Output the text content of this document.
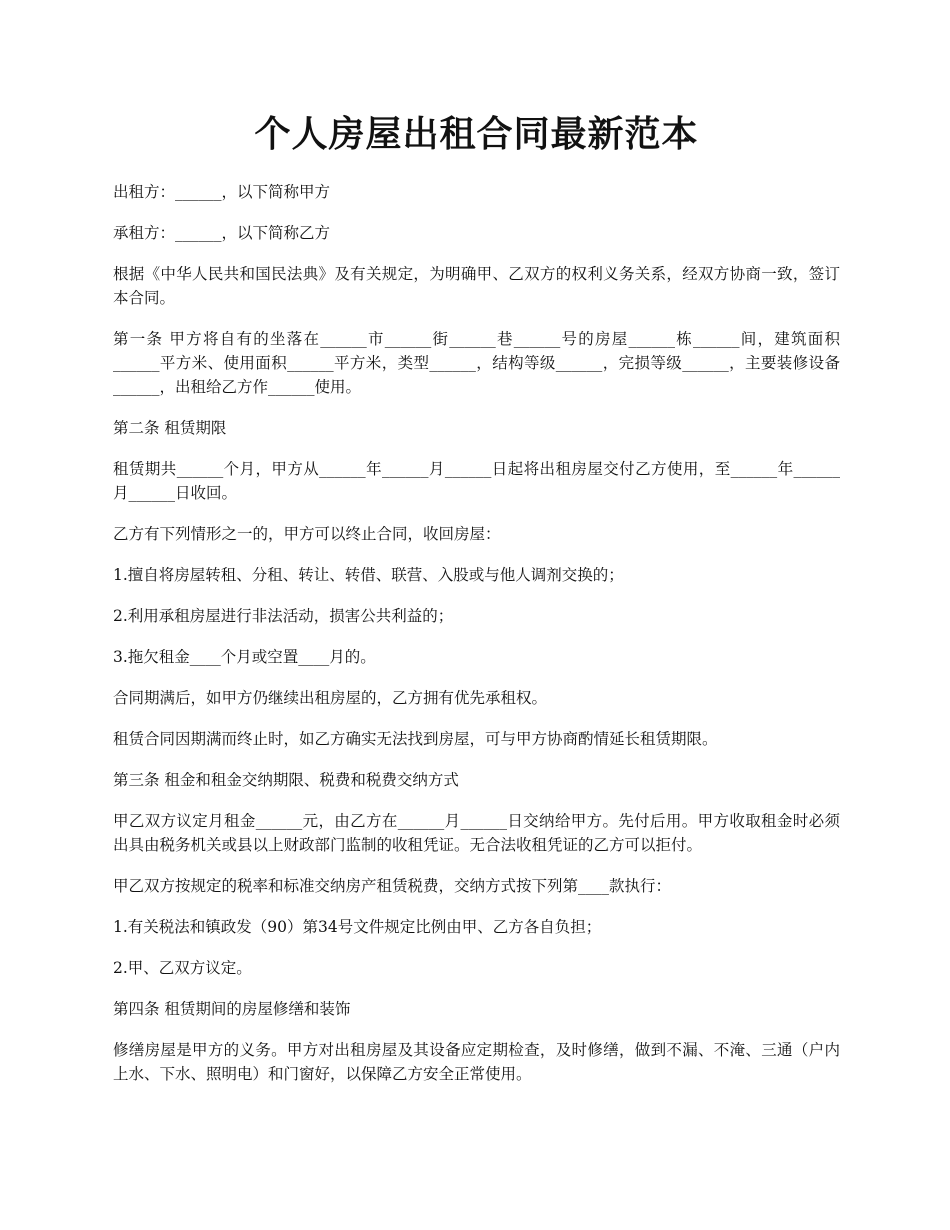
个人房屋出租合同最新范本

出租方：______，以下简称甲方

承租方：______，以下简称乙方

根据《中华人民共和国民法典》及有关规定，为明确甲、乙双方的权利义务关系，经双方协商一致，签订本合同。

第一条 甲方将自有的坐落在______市______街______巷______号的房屋______栋______间，建筑面积______平方米、使用面积______平方米，类型______，结构等级______，完损等级______，主要装修设备______，出租给乙方作______使用。

第二条 租赁期限

租赁期共______个月，甲方从______年______月______日起将出租房屋交付乙方使用，至______年______月______日收回。

乙方有下列情形之一的，甲方可以终止合同，收回房屋：

1.擅自将房屋转租、分租、转让、转借、联营、入股或与他人调剂交换的；

2.利用承租房屋进行非法活动，损害公共利益的；

3.拖欠租金____个月或空置____月的。

合同期满后，如甲方仍继续出租房屋的，乙方拥有优先承租权。

租赁合同因期满而终止时，如乙方确实无法找到房屋，可与甲方协商酌情延长租赁期限。

第三条 租金和租金交纳期限、税费和税费交纳方式

甲乙双方议定月租金______元，由乙方在______月______日交纳给甲方。先付后用。甲方收取租金时必须出具由税务机关或县以上财政部门监制的收租凭证。无合法收租凭证的乙方可以拒付。

甲乙双方按规定的税率和标准交纳房产租赁税费，交纳方式按下列第____款执行：

1.有关税法和镇政发（90）第34号文件规定比例由甲、乙方各自负担；

2.甲、乙双方议定。

第四条 租赁期间的房屋修缮和装饰

修缮房屋是甲方的义务。甲方对出租房屋及其设备应定期检查，及时修缮，做到不漏、不淹、三通（户内上水、下水、照明电）和门窗好，以保障乙方安全正常使用。
